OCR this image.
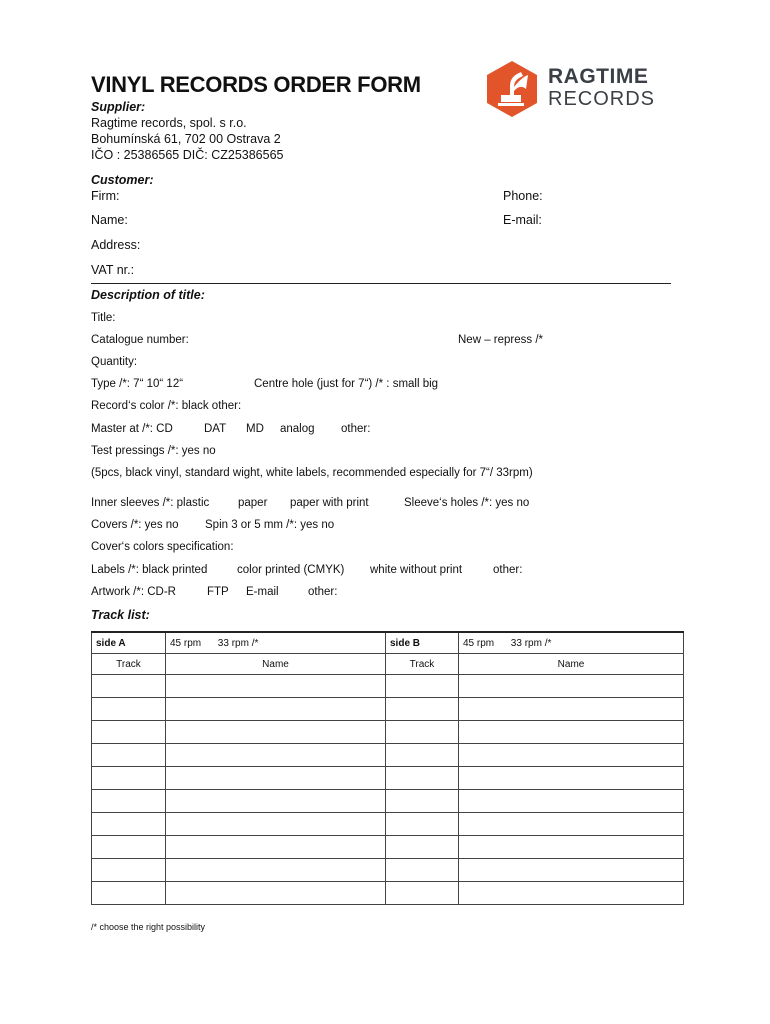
VINYL RECORDS ORDER FORM	RAGTIME
RECORDS
Supplier:
Ragtime records, spol. s r.o.
Bohumínská 61, 702 00 Ostrava 2
IČO : 25386565 DIČ: CZ25386565
Customer:
Firm:	Phone:
Name:	E-mail:
Address:
VAT nr.:
Description of title:
Title:
Catalogue number:	New – repress /*
Quantity:
Type /*: 7“ 10“ 12“	Centre hole (just for 7“) /* : small big
Record‘s color /*: black other:
Master at /*: CD	DAT MD analog other:
Test pressings /*: yes no
(5pcs, black vinyl, standard wight, white labels, recommended especially for 7“/ 33rpm)
Inner sleeves /*: plastic paper paper with print	Sleeve‘s holes /*: yes no
Covers /*: yes no Spin 3 or 5 mm /*: yes no
Cover‘s colors specification:
Labels /*: black printed	color printed (CMYK) white without print	other:
Artwork /*: CD-R	FTP E-mail	other:
Track list:
side A	45 rpm 33 rpm /*	side B	45 rpm 33 rpm /*
Track	Name	Track	Name

/* choose the right possibility
